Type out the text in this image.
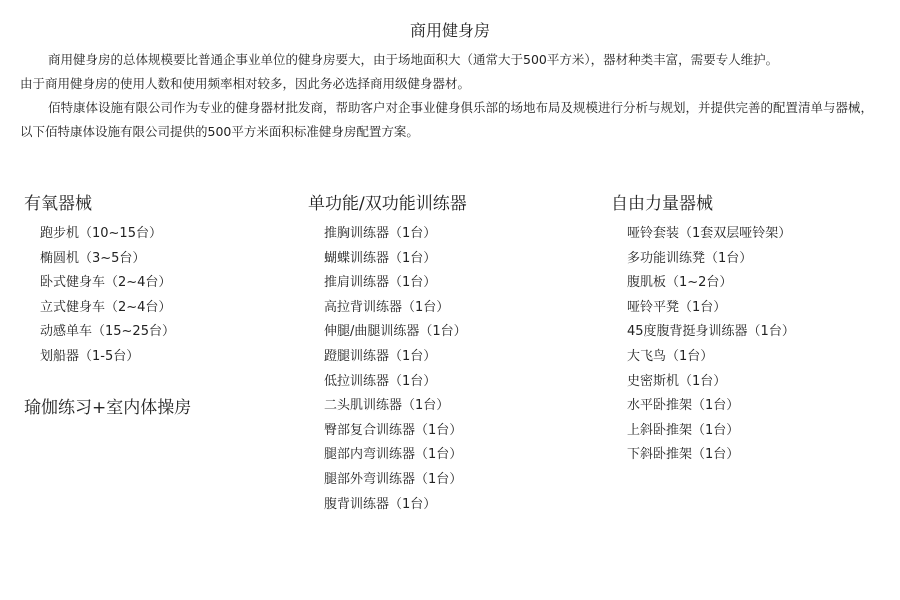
商用健身房

商用健身房的总体规模要比普通企事业单位的健身房要大，由于场地面积大（通常大于500平方米），器材种类丰富，需要专人维护。

由于商用健身房的使用人数和使用频率相对较多，因此务必选择商用级健身器材。

佰特康体设施有限公司作为专业的健身器材批发商，帮助客户对企事业健身俱乐部的场地布局及规模进行分析与规划，并提供完善的配置清单与器械，以下佰特康体设施有限公司提供的500平方米面积标准健身房配置方案。

有氧器械
跑步机（10~15台）
椭圆机（3~5台）
卧式健身车（2~4台）
立式健身车（2~4台）
动感单车（15~25台）
划船器（1-5台）
瑜伽练习+室内体操房
单功能/双功能训练器
推胸训练器（1台）
蝴蝶训练器（1台）
推肩训练器（1台）
高拉背训练器（1台）
伸腿/曲腿训练器（1台）
蹬腿训练器（1台）
低拉训练器（1台）
二头肌训练器（1台）
臀部复合训练器（1台）
腿部内弯训练器（1台）
腿部外弯训练器（1台）
腹背训练器（1台）
自由力量器械
哑铃套装（1套双层哑铃架）
多功能训练凳（1台）
腹肌板（1~2台）
哑铃平凳（1台）
45度腹背挺身训练器（1台）
大飞鸟（1台）
史密斯机（1台）
水平卧推架（1台）
上斜卧推架（1台）
下斜卧推架（1台）
